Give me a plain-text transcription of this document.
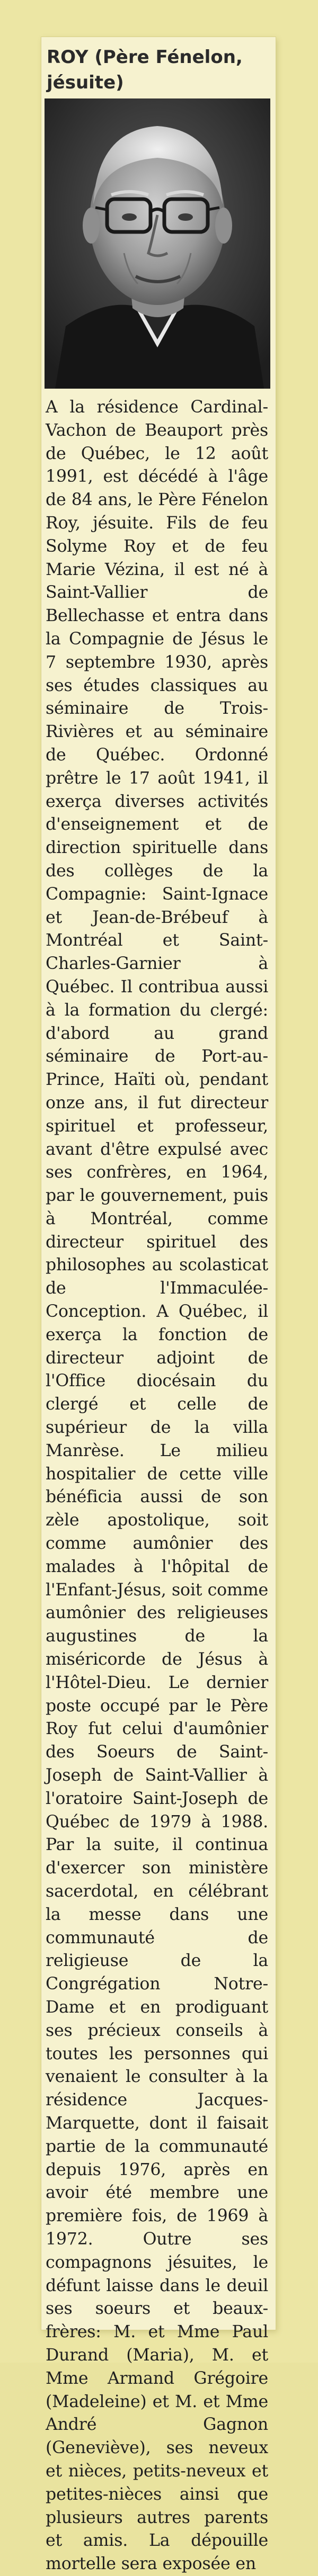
ROY (Père Fénelon, jésuite)

A la résidence Cardinal-Vachon de Beauport près de Québec, le 12 août 1991, est décédé à l'âge de 84 ans, le Père Fénelon Roy, jésuite. Fils de feu Solyme Roy et de feu Marie Vézina, il est né à Saint-Vallier de Bellechasse et entra dans la Compagnie de Jésus le 7 septembre 1930, après ses études classiques au séminaire de Trois-Rivières et au séminaire de Québec. Ordonné prêtre le 17 août 1941, il exerça diverses activités d'enseignement et de direction spirituelle dans des collèges de la Compagnie: Saint-Ignace et Jean-de-Brébeuf à Montréal et Saint-Charles-Garnier à Québec. Il contribua aussi à la formation du clergé: d'abord au grand séminaire de Port-au-Prince, Haïti où, pendant onze ans, il fut directeur spirituel et professeur, avant d'être expulsé avec ses confrères, en 1964, par le gouvernement, puis à Montréal, comme directeur spirituel des philosophes au scolasticat de l'Immaculée-Conception. A Québec, il exerça la fonction de directeur adjoint de l'Office diocésain du clergé et celle de supérieur de la villa Manrèse. Le milieu hospitalier de cette ville bénéficia aussi de son zèle apostolique, soit comme aumônier des malades à l'hôpital de l'Enfant-Jésus, soit comme aumônier des religieuses augustines de la miséricorde de Jésus à l'Hôtel-Dieu. Le dernier poste occupé par le Père Roy fut celui d'aumônier des Soeurs de Saint-Joseph de Saint-Vallier à l'oratoire Saint-Joseph de Québec de 1979 à 1988. Par la suite, il continua d'exercer son ministère sacerdotal, en célébrant la messe dans une communauté de religieuse de la Congrégation Notre-Dame et en prodiguant ses précieux conseils à toutes les personnes qui venaient le consulter à la résidence Jacques-Marquette, dont il faisait partie de la communauté depuis 1976, après en avoir été membre une première fois, de 1969 à 1972. Outre ses compagnons jésuites, le défunt laisse dans le deuil ses soeurs et beaux-frères: M. et Mme Paul Durand (Maria), M. et Mme Armand Grégoire (Madeleine) et M. et Mme André Gagnon (Geneviève), ses neveux et nièces, petits-neveux et petites-nièces ainsi que plusieurs autres parents et amis. La dépouille mortelle sera exposée en
